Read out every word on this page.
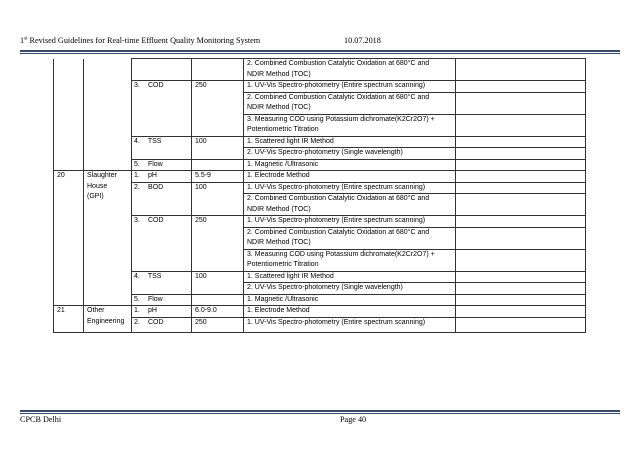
1st Revised Guidelines for Real-time Effluent Quality Monitoring System	10.07.2018
				2. Combined Combustion Catalytic Oxidation at 680°C and	
				NDIR Method (TOC)	
		3. COD	250	1. UV-Vis Spectro-photometry (Entire spectrum scanning)	
				2. Combined Combustion Catalytic Oxidation at 680°C and	
				NDIR Method (TOC)	
				3. Measuring COD using Potassium dichromate(K2Cr2O7) +	
				Potentiometric Titration	
		4. TSS	100	1. Scattered light IR Method	
				2. UV-Vis Spectro-photometry (Single wavelength)	
		5. Flow		1. Magnetic /Ultrasonic	
20	Slaughter
House
(GPI)	1. pH	5.5-9	1. Electrode Method	
		2. BOD	100	1. UV-Vis Spectro-photometry (Entire spectrum scanning)	
				2. Combined Combustion Catalytic Oxidation at 680°C and	
				NDIR Method (TOC)	
		3. COD	250	1. UV-Vis Spectro-photometry (Entire spectrum scanning)	
				2. Combined Combustion Catalytic Oxidation at 680°C and	
				NDIR Method (TOC)	
				3. Measuring COD using Potassium dichromate(K2Cr2O7) +	
				Potentiometric Titration	
		4. TSS	100	1. Scattered light IR Method	
				2. UV-Vis Spectro-photometry (Single wavelength)	
		5. Flow		1. Magnetic /Ultrasonic	
21	Other
Engineering	1. pH	6.0-9.0	1. Electrode Method	
		2. COD	250	1. UV-Vis Spectro-photometry (Entire spectrum scanning)	
CPCB Delhi	Page 40
